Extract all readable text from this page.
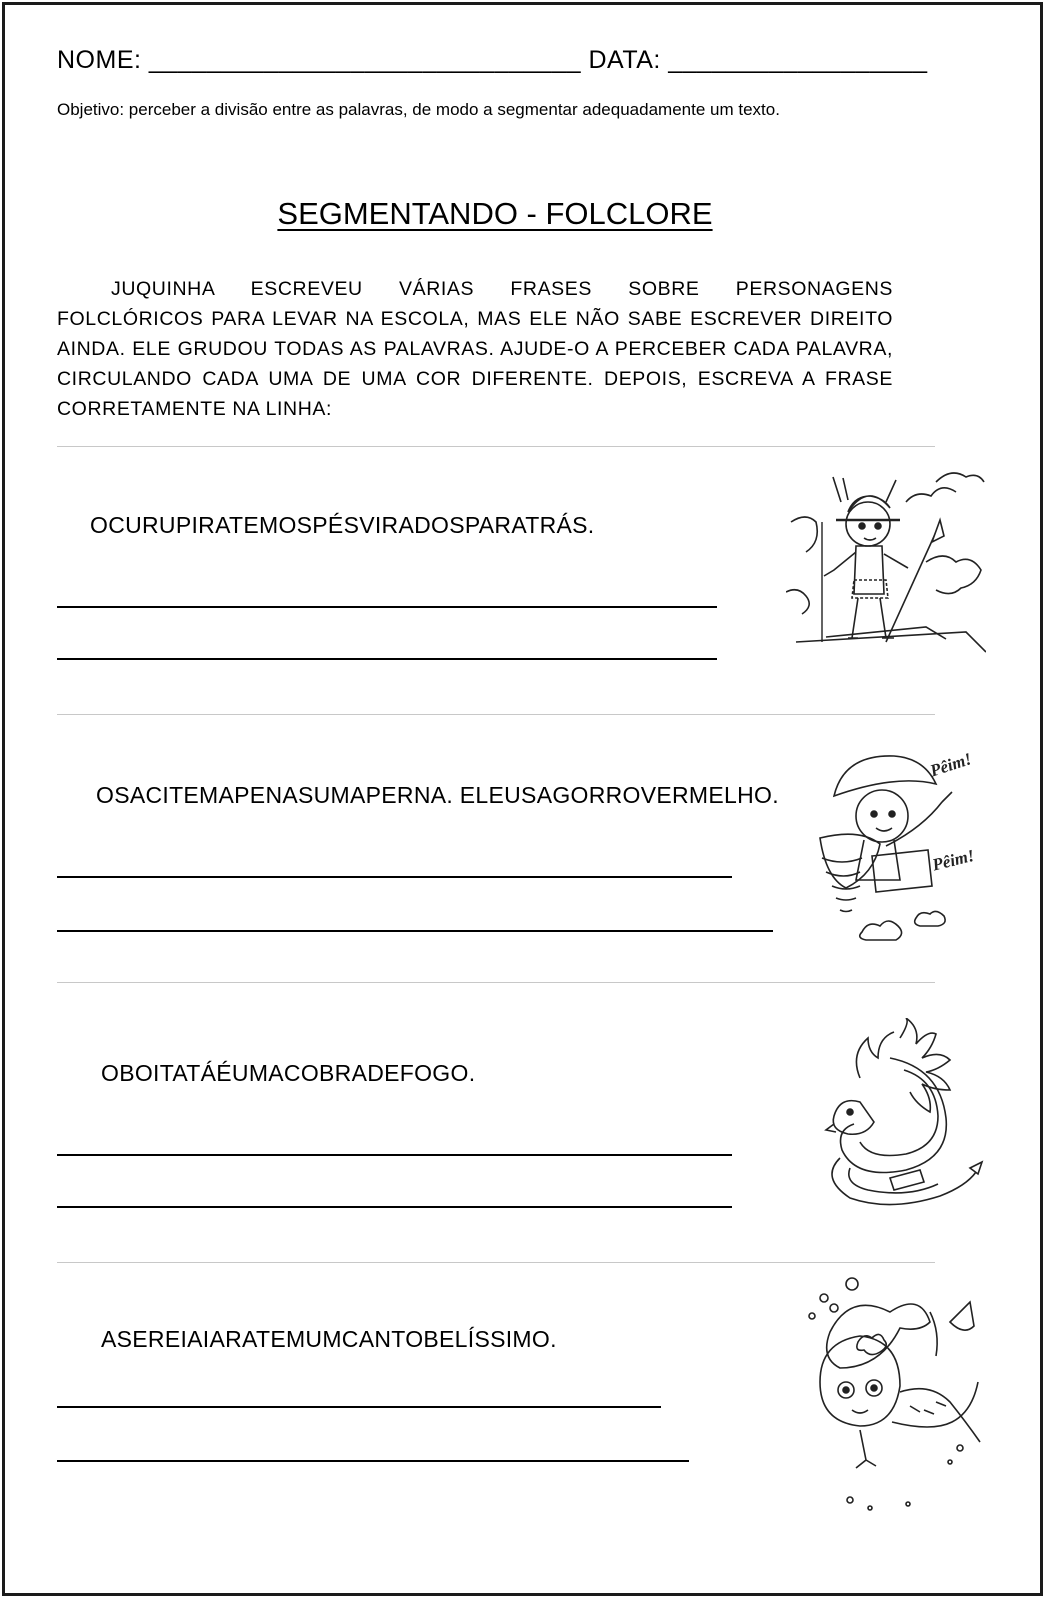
NOME: ______________________________ DATA: __________________
Objetivo: perceber a divisão entre as palavras, de modo a segmentar adequadamente um texto.
SEGMENTANDO - FOLCLORE

JUQUINHA ESCREVEU VÁRIAS FRASES SOBRE PERSONAGENS FOLCLÓRICOS PARA LEVAR NA ESCOLA, MAS ELE NÃO SABE ESCREVER DIREITO AINDA. ELE GRUDOU TODAS AS PALAVRAS. AJUDE-O A PERCEBER CADA PALAVRA, CIRCULANDO CADA UMA DE UMA COR DIFERENTE. DEPOIS, ESCREVA A FRASE CORRETAMENTE NA LINHA:

OCURUPIRATEMOSPÉSVIRADOSPARATRÁS.
OSACITEMAPENASUMAPERNA. ELEUSAGORROVERMELHO.
Pêim!
Pêim!
OBOITATÁÉUMACOBRADEFOGO.
ASEREIAIARATEMUMCANTOBELÍSSIMO.
